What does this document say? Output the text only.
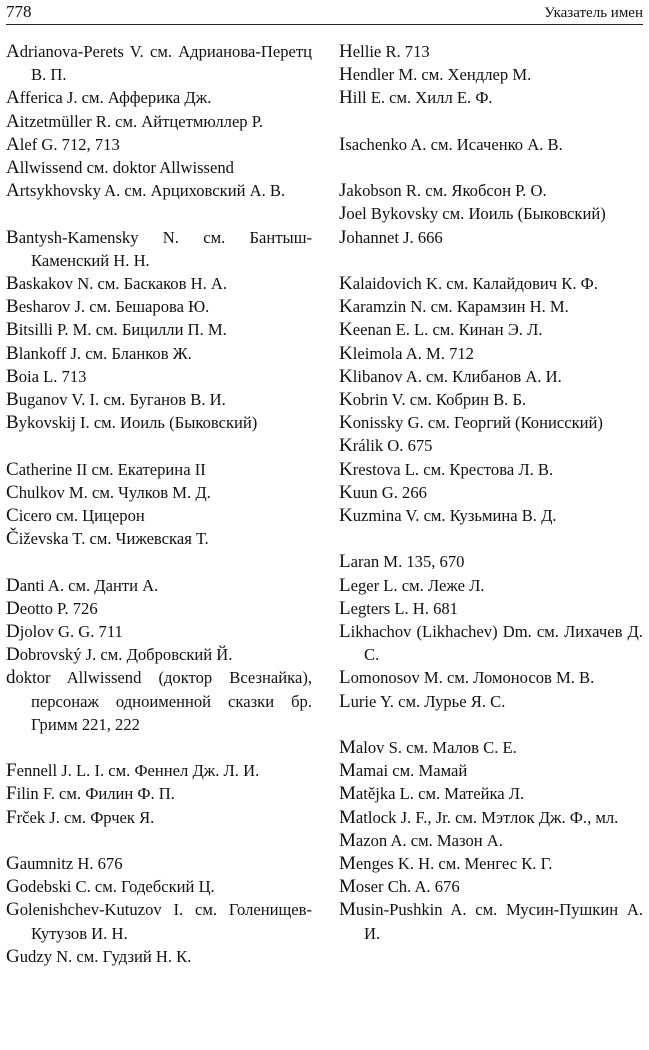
778	Указатель имен
Adrianova-Perets V. см. Адрианова-Перетц В. П.
Afferica J. см. Афферика Дж.
Aitzetmüller R. см. Айтцетмюллер Р.
Alef G. 712, 713
Allwissend см. doktor Allwissend
Artsykhovsky A. см. Арциховский А. В.
Bantysh-Kamensky N. см. Бантыш-Каменский Н. Н.
Baskakov N. см. Баскаков Н. А.
Besharov J. см. Бешарова Ю.
Bitsilli P. M. см. Бицилли П. М.
Blankoff J. см. Бланков Ж.
Boia L. 713
Buganov V. I. см. Буганов В. И.
Bykovskij I. см. Иоиль (Быковский)
Catherine II см. Екатерина II
Chulkov M. см. Чулков М. Д.
Cicero см. Цицерон
Čiževska T. см. Чижевская Т.
Danti A. см. Данти А.
Deotto P. 726
Djolov G. G. 711
Dobrovský J. см. Добровский Й.
doktor Allwissend (доктор Всезнайка), персонаж одноименной сказки бр. Гримм 221, 222
Fennell J. L. I. см. Феннел Дж. Л. И.
Filin F. см. Филин Ф. П.
Frček J. см. Фрчек Я.
Gaumnitz H. 676
Godebski C. см. Годебский Ц.
Golenishchev-Kutuzov I. см. Голенищев-Кутузов И. Н.
Gudzy N. см. Гудзий Н. К.
Hellie R. 713
Hendler M. см. Хендлер М.
Hill E. см. Хилл Е. Ф.
Isachenko A. см. Исаченко А. В.
Jakobson R. см. Якобсон Р. О.
Joel Bykovsky см. Иоиль (Быковский)
Johannet J. 666
Kalaidovich K. см. Калайдович К. Ф.
Karamzin N. см. Карамзин Н. М.
Keenan E. L. см. Кинан Э. Л.
Kleimola A. M. 712
Klibanov A. см. Клибанов А. И.
Kobrin V. см. Кобрин В. Б.
Konissky G. см. Георгий (Конисский)
Králik O. 675
Krestova L. см. Крестова Л. В.
Kuun G. 266
Kuzmina V. см. Кузьмина В. Д.
Laran M. 135, 670
Leger L. см. Леже Л.
Legters L. H. 681
Likhachov (Likhachev) Dm. см. Лихачев Д. С.
Lomonosov M. см. Ломоносов М. В.
Lurie Y. см. Лурье Я. С.
Malov S. см. Малов С. Е.
Mamai см. Мамай
Matějka L. см. Матейка Л.
Matlock J. F., Jr. см. Мэтлок Дж. Ф., мл.
Mazon A. см. Мазон А.
Menges K. H. см. Менгес К. Г.
Moser Ch. A. 676
Musin-Pushkin A. см. Мусин-Пушкин А. И.
